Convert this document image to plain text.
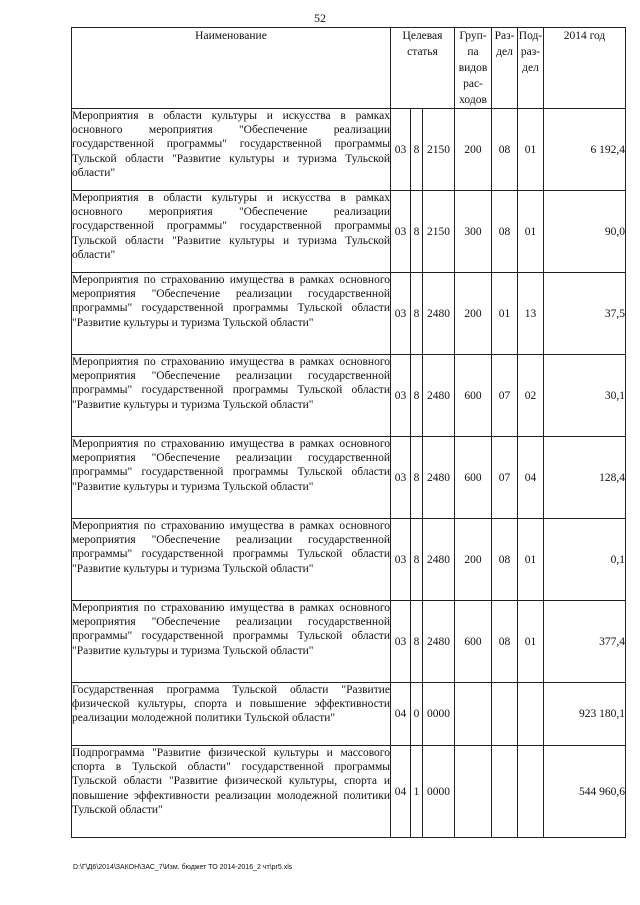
52
Наименование	Целевая статья			Груп-па видов рас-ходов	Раз-дел	Под-раз-дел	2014 год
Мероприятия в области культуры и искусства в рамках основного мероприятия "Обеспечение реализации государственной программы" государственной программы Тульской области "Развитие культуры и туризма Тульской области"	03	8	2150	200	08	01	6 192,4
Мероприятия в области культуры и искусства в рамках основного мероприятия "Обеспечение реализации государственной программы" государственной программы Тульской области "Развитие культуры и туризма Тульской области"	03	8	2150	300	08	01	90,0
Мероприятия по страхованию имущества в рамках основного мероприятия "Обеспечение реализации государственной программы" государственной программы Тульской области "Развитие культуры и туризма Тульской области"	03	8	2480	200	01	13	37,5
Мероприятия по страхованию имущества в рамках основного мероприятия "Обеспечение реализации государственной программы" государственной программы Тульской области "Развитие культуры и туризма Тульской области"	03	8	2480	600	07	02	30,1
Мероприятия по страхованию имущества в рамках основного мероприятия "Обеспечение реализации государственной программы" государственной программы Тульской области "Развитие культуры и туризма Тульской области"	03	8	2480	600	07	04	128,4
Мероприятия по страхованию имущества в рамках основного мероприятия "Обеспечение реализации государственной программы" государственной программы Тульской области "Развитие культуры и туризма Тульской области"	03	8	2480	200	08	01	0,1
Мероприятия по страхованию имущества в рамках основного мероприятия "Обеспечение реализации государственной программы" государственной программы Тульской области "Развитие культуры и туризма Тульской области"	03	8	2480	600	08	01	377,4
Государственная программа Тульской области "Развитие физической культуры, спорта и повышение эффективности реализации молодежной политики Тульской области"	04	0	0000				923 180,1
Подпрограмма "Развитие физической культуры и массового спорта в Тульской области" государственной программы Тульской области "Развитие физической культуры, спорта и повышение эффективности реализации молодежной политики Тульской области"	04	1	0000				544 960,6
D:\Г\Д6\2014\ЗАКОН\ЗАС_7\Изм. бюджет ТО 2014-2016_2 чт\pr5.xls
